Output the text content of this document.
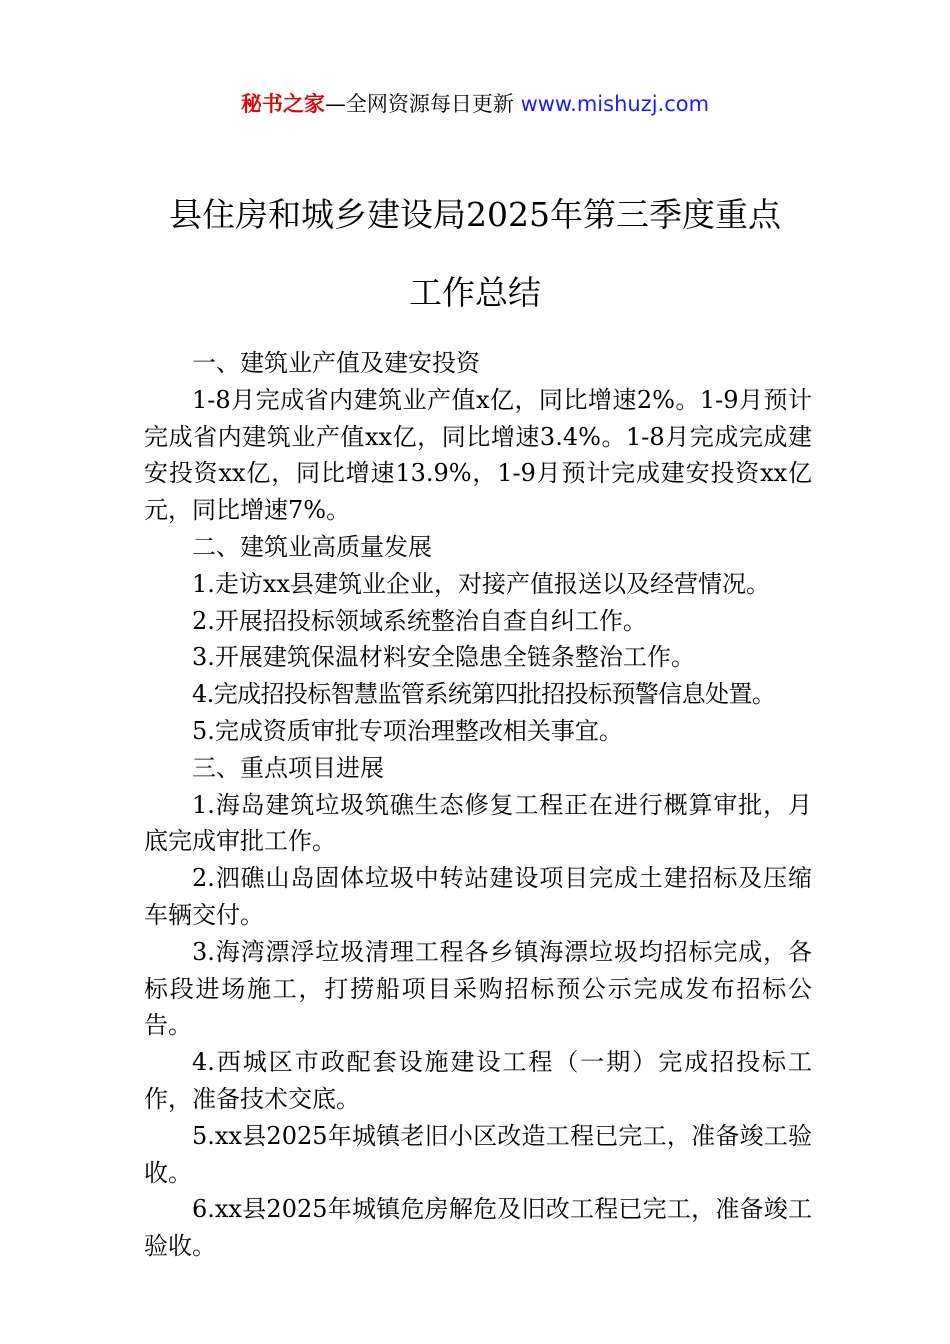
秘书之家—全网资源每日更新 www.mishuzj.com
县住房和城乡建设局2025年第三季度重点
工作总结

一、建筑业产值及建安投资

1-8月完成省内建筑业产值x亿，同比增速2%。1-9月预计完成省内建筑业产值xx亿，同比增速3.4%。1-8月完成完成建安投资xx亿，同比增速13.9%，1-9月预计完成建安投资xx亿元，同比增速7%。

二、建筑业高质量发展

1.走访xx县建筑业企业，对接产值报送以及经营情况。

2.开展招投标领域系统整治自查自纠工作。

3.开展建筑保温材料安全隐患全链条整治工作。

4.完成招投标智慧监管系统第四批招投标预警信息处置。

5.完成资质审批专项治理整改相关事宜。

三、重点项目进展

1.海岛建筑垃圾筑礁生态修复工程正在进行概算审批，月底完成审批工作。

2.泗礁山岛固体垃圾中转站建设项目完成土建招标及压缩车辆交付。

3.海湾漂浮垃圾清理工程各乡镇海漂垃圾均招标完成，各标段进场施工，打捞船项目采购招标预公示完成发布招标公告。

4.西城区市政配套设施建设工程（一期）完成招投标工作，准备技术交底。

5.xx县2025年城镇老旧小区改造工程已完工，准备竣工验收。

6.xx县2025年城镇危房解危及旧改工程已完工，准备竣工验收。
